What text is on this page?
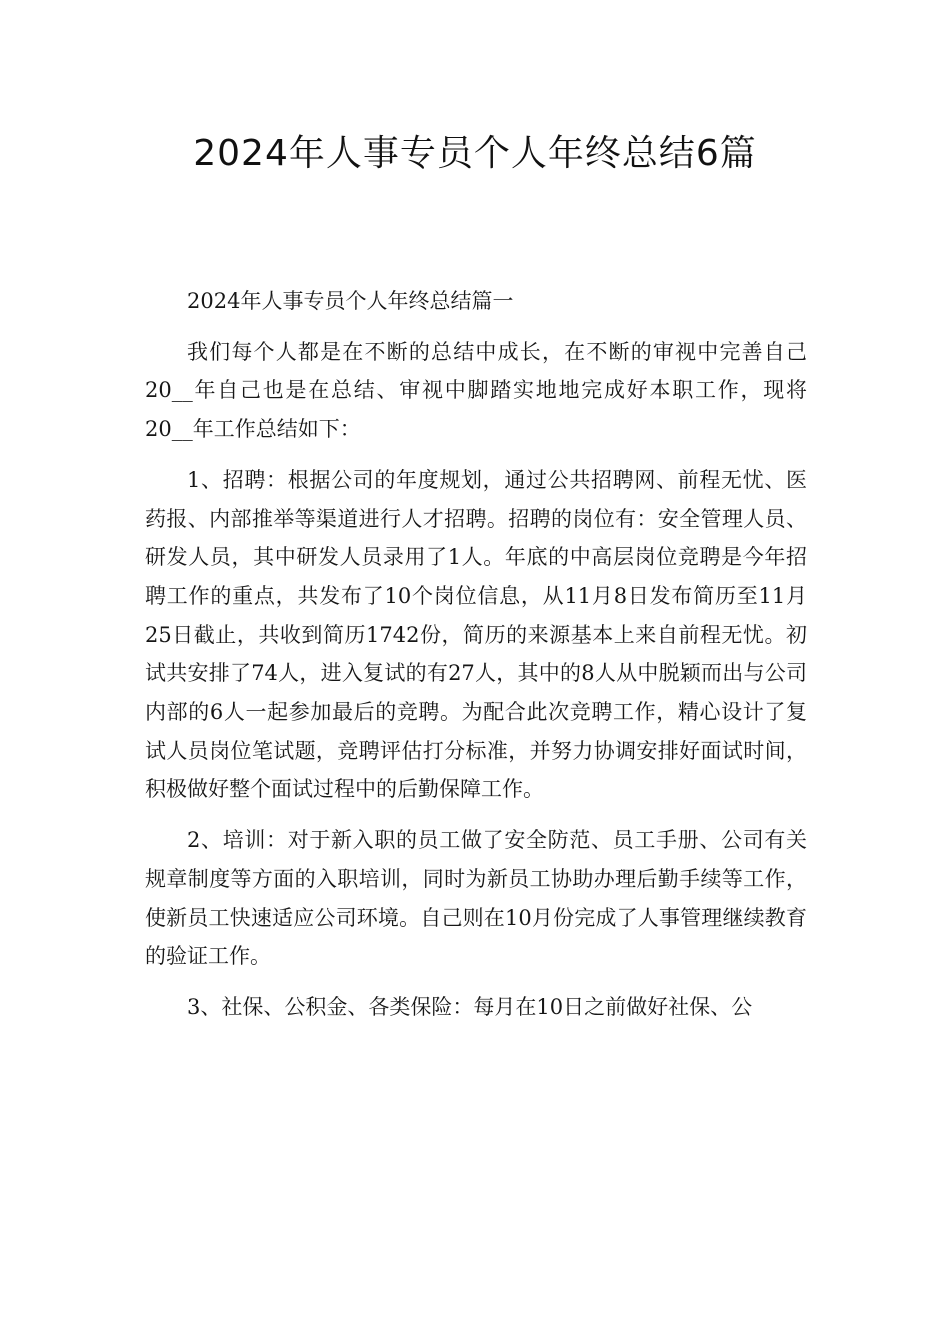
2024年人事专员个人年终总结6篇

2024年人事专员个人年终总结篇一

我们每个人都是在不断的总结中成长，在不断的审视中完善自己20__年自己也是在总结、审视中脚踏实地地完成好本职工作，现将20__年工作总结如下：

1、招聘：根据公司的年度规划，通过公共招聘网、前程无忧、医药报、内部推举等渠道进行人才招聘。招聘的岗位有：安全管理人员、研发人员，其中研发人员录用了1人。年底的中高层岗位竞聘是今年招聘工作的重点，共发布了10个岗位信息，从11月8日发布简历至11月25日截止，共收到简历1742份，简历的来源基本上来自前程无忧。初试共安排了74人，进入复试的有27人，其中的8人从中脱颖而出与公司内部的6人一起参加最后的竞聘。为配合此次竞聘工作，精心设计了复试人员岗位笔试题，竞聘评估打分标准，并努力协调安排好面试时间，积极做好整个面试过程中的后勤保障工作。

2、培训：对于新入职的员工做了安全防范、员工手册、公司有关规章制度等方面的入职培训，同时为新员工协助办理后勤手续等工作，使新员工快速适应公司环境。自己则在10月份完成了人事管理继续教育的验证工作。

3、社保、公积金、各类保险：每月在10日之前做好社保、公
